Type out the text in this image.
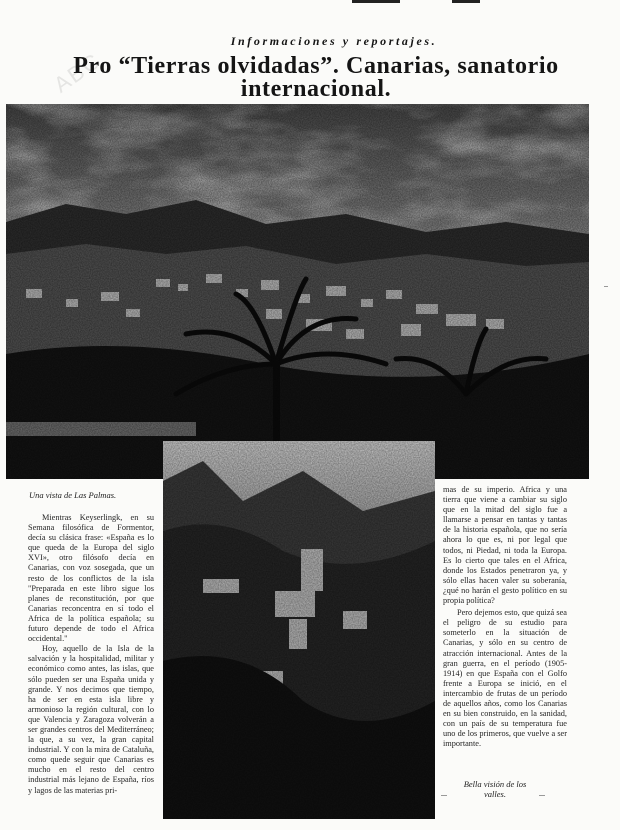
ABC
Informaciones y reportajes.
Pro “Tierras olvidadas”. Canarias, sanatorio
internacional.
Una vista de Las Palmas.

Mientras Keyserlingk, en su Semana filosófica de Formentor, decía su clásica frase: «España es lo que queda de la Europa del siglo XVI», otro filósofo decía en Canarias, con voz sosegada, que un resto de los conflictos de la isla "Preparada en este libro sigue los planes de reconstitución, por que Canarias reconcentra en sí todo el Africa de la política española; su futuro depende de todo el Africa occidental."

Hoy, aquello de la Isla de la salvación y la hospitalidad, militar y económico como antes, las islas, que sólo pueden ser una España unida y grande. Y nos decimos que tiempo, ha de ser en esta isla libre y armonioso la región cultural, con lo que Valencia y Zaragoza volverán a ser grandes centros del Mediterráneo; la que, a su vez, la gran capital industrial. Y con la mira de Cataluña, como quede seguir que Canarias es mucho en el resto del centro industrial más lejano de España, ríos y lagos de las materias pri-

mas de su imperio. Africa y una tierra que viene a cambiar su siglo que en la mitad del siglo fue a llamarse a pensar en tantas y tantas de la historia española, que no sería ahora lo que es, ni por legal que todos, ni Piedad, ni toda la Europa. Es lo cierto que tales en el Africa, donde los Estados penetraron ya, y sólo ellas hacen valer su soberanía, ¿qué no harán el gesto político en su propia política?

Pero dejemos esto, que quizá sea el peligro de su estudio para someterlo en la situación de Canarias, y sólo en su centro de atracción internacional. Antes de la gran guerra, en el período (1905-1914) en que España con el Golfo frente a Europa se inició, en el intercambio de frutas de un período de aquellos años, como los Canarias en su bien construido, en la sanidad, con un país de su temperatura fue uno de los primeros, que vuelve a ser importante.

Bella visión de los
valles.
